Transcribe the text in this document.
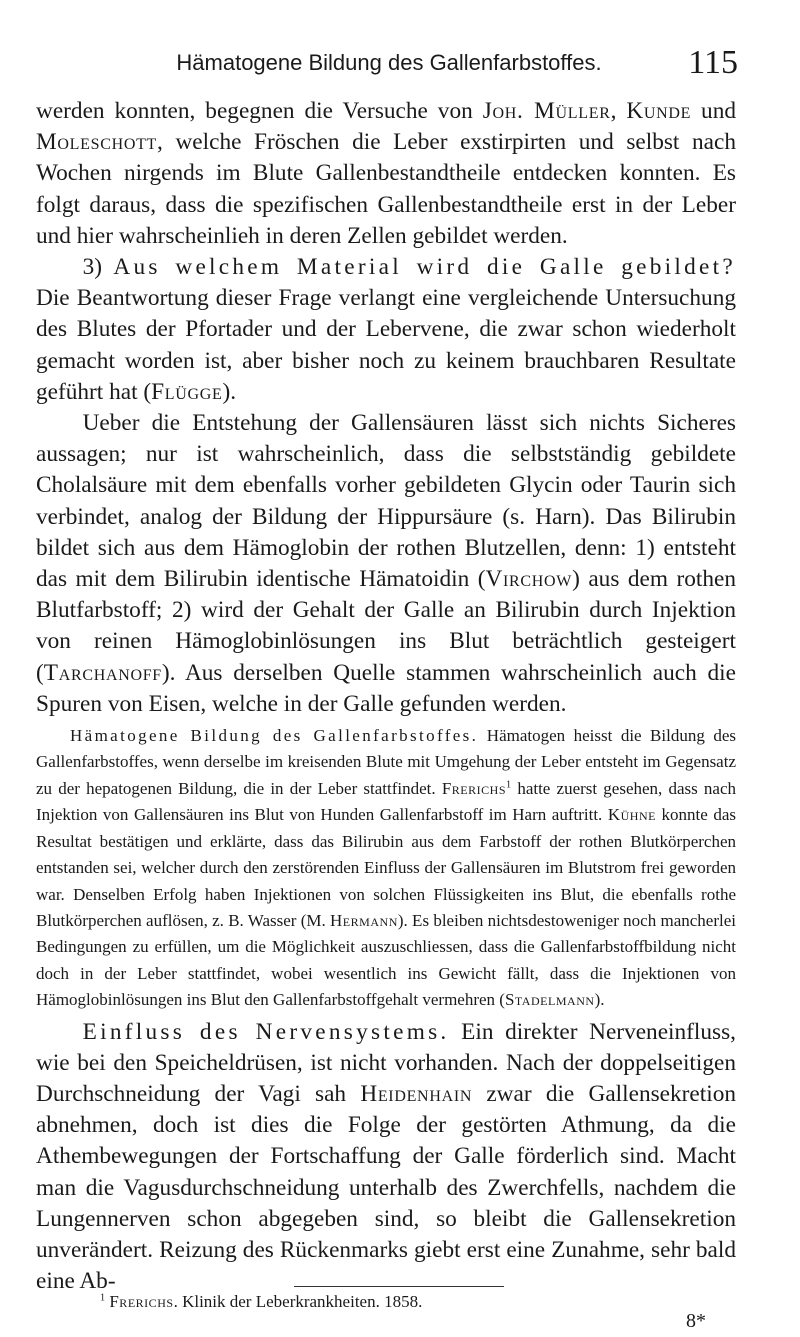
Hämatogene Bildung des Gallenfarbstoffes.	115

werden konnten, begegnen die Versuche von Joh. Müller, Kunde und Moleschott, welche Fröschen die Leber exstirpirten und selbst nach Wochen nirgends im Blute Gallenbestandtheile entdecken konnten. Es folgt daraus, dass die spezifischen Gallenbestandtheile erst in der Leber und hier wahrscheinlieh in deren Zellen gebildet werden.

3) Aus welchem Material wird die Galle gebildet? Die Beantwortung dieser Frage verlangt eine vergleichende Untersuchung des Blutes der Pfortader und der Lebervene, die zwar schon wiederholt gemacht worden ist, aber bisher noch zu keinem brauchbaren Resultate geführt hat (Flügge).

Ueber die Entstehung der Gallensäuren lässt sich nichts Sicheres aussagen; nur ist wahrscheinlich, dass die selbstständig gebildete Cholalsäure mit dem ebenfalls vorher gebildeten Glycin oder Taurin sich verbindet, analog der Bildung der Hippursäure (s. Harn). Das Bilirubin bildet sich aus dem Hämoglobin der rothen Blutzellen, denn: 1) entsteht das mit dem Bilirubin identische Hämatoidin (Virchow) aus dem rothen Blutfarbstoff; 2) wird der Gehalt der Galle an Bilirubin durch Injektion von reinen Hämoglobinlösungen ins Blut beträchtlich gesteigert (Tarchanoff). Aus derselben Quelle stammen wahrscheinlich auch die Spuren von Eisen, welche in der Galle gefunden werden.

Hämatogene Bildung des Gallenfarbstoffes. Hämatogen heisst die Bildung des Gallenfarbstoffes, wenn derselbe im kreisenden Blute mit Umgehung der Leber entsteht im Gegensatz zu der hepatogenen Bildung, die in der Leber stattfindet. Frerichs$^1$ hatte zuerst gesehen, dass nach Injektion von Gallensäuren ins Blut von Hunden Gallenfarbstoff im Harn auftritt. Kühne konnte das Resultat bestätigen und erklärte, dass das Bilirubin aus dem Farbstoff der rothen Blutkörperchen entstanden sei, welcher durch den zerstörenden Einfluss der Gallensäuren im Blutstrom frei geworden war. Denselben Erfolg haben Injektionen von solchen Flüssigkeiten ins Blut, die ebenfalls rothe Blutkörperchen auflösen, z. B. Wasser (M. Hermann). Es bleiben nichtsdestoweniger noch mancherlei Bedingungen zu erfüllen, um die Möglichkeit auszuschliessen, dass die Gallenfarbstoffbildung nicht doch in der Leber stattfindet, wobei wesentlich ins Gewicht fällt, dass die Injektionen von Hämoglobinlösungen ins Blut den Gallenfarbstoffgehalt vermehren (Stadelmann).

Einfluss des Nervensystems. Ein direkter Nerveneinfluss, wie bei den Speicheldrüsen, ist nicht vorhanden. Nach der doppelseitigen Durchschneidung der Vagi sah Heidenhain zwar die Gallensekretion abnehmen, doch ist dies die Folge der gestörten Athmung, da die Athembewegungen der Fortschaffung der Galle förderlich sind. Macht man die Vagusdurchschneidung unterhalb des Zwerchfells, nachdem die Lungennerven schon abgegeben sind, so bleibt die Gallensekretion unverändert. Reizung des Rückenmarks giebt erst eine Zunahme, sehr bald eine Ab-

$^1$ Frerichs. Klinik der Leberkrankheiten. 1858.
8*
